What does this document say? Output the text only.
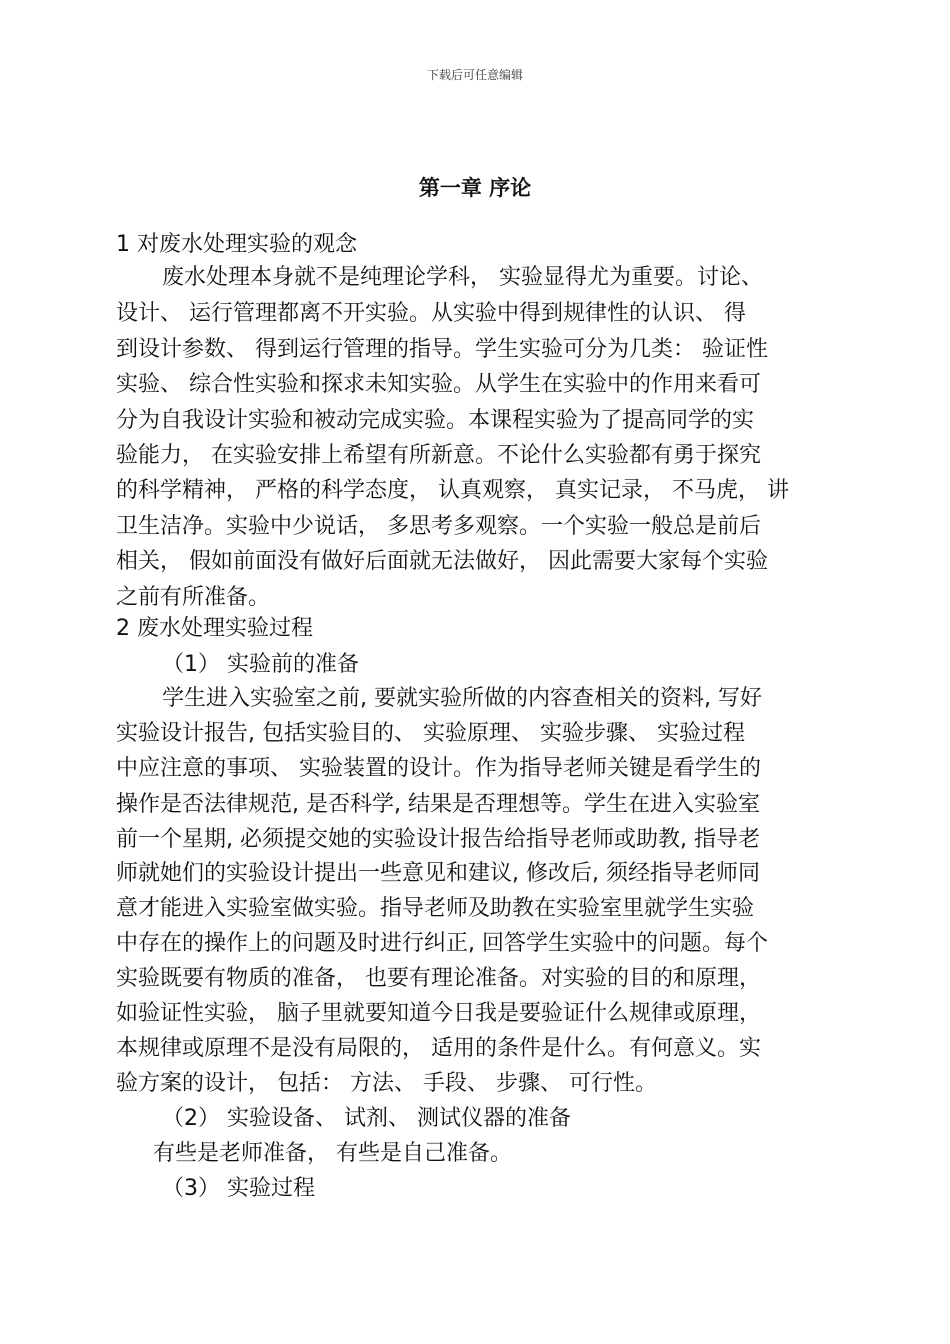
下载后可任意编辑
第一章 序论
1 对废水处理实验的观念
废水处理本身就不是纯理论学科， 实验显得尤为重要。讨论、
设计、 运行管理都离不开实验。从实验中得到规律性的认识、 得
到设计参数、 得到运行管理的指导。学生实验可分为几类： 验证性
实验、 综合性实验和探求未知实验。从学生在实验中的作用来看可
分为自我设计实验和被动完成实验。本课程实验为了提高同学的实
验能力， 在实验安排上希望有所新意。不论什么实验都有勇于探究
的科学精神， 严格的科学态度， 认真观察， 真实记录， 不马虎， 讲
卫生洁净。实验中少说话， 多思考多观察。一个实验一般总是前后
相关， 假如前面没有做好后面就无法做好， 因此需要大家每个实验
之前有所准备。
2 废水处理实验过程
（1） 实验前的准备
学生进入实验室之前, 要就实验所做的内容查相关的资料, 写好
实验设计报告, 包括实验目的、 实验原理、 实验步骤、 实验过程
中应注意的事项、 实验装置的设计。作为指导老师关键是看学生的
操作是否法律规范, 是否科学, 结果是否理想等。学生在进入实验室
前一个星期, 必须提交她的实验设计报告给指导老师或助教, 指导老
师就她们的实验设计提出一些意见和建议, 修改后, 须经指导老师同
意才能进入实验室做实验。指导老师及助教在实验室里就学生实验
中存在的操作上的问题及时进行纠正, 回答学生实验中的问题。每个
实验既要有物质的准备， 也要有理论准备。对实验的目的和原理，
如验证性实验， 脑子里就要知道今日我是要验证什么规律或原理，
本规律或原理不是没有局限的， 适用的条件是什么。有何意义。实
验方案的设计， 包括： 方法、 手段、 步骤、 可行性。
（2） 实验设备、 试剂、 测试仪器的准备
有些是老师准备， 有些是自己准备。
（3） 实验过程
